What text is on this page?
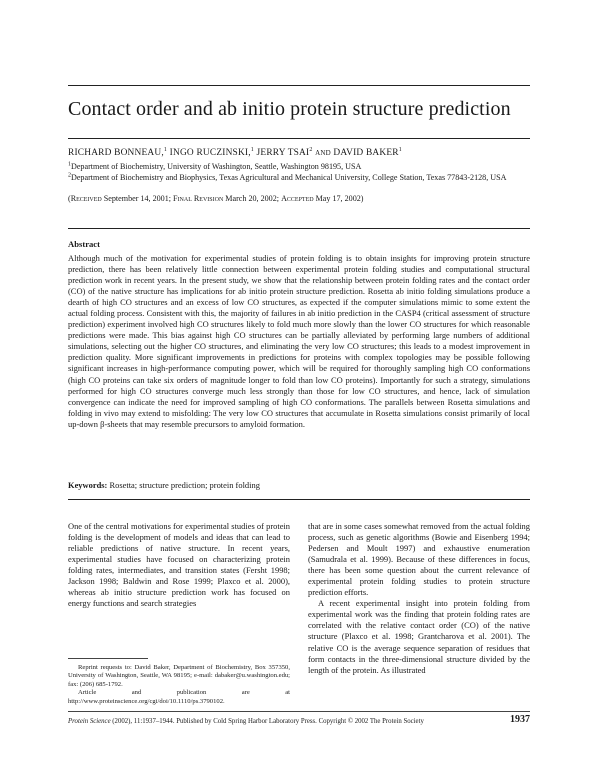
Contact order and ab initio protein structure prediction
RICHARD BONNEAU,$^1$ INGO RUCZINSKI,$^1$ JERRY TSAI$^2$ and DAVID BAKER$^1$
$^1$Department of Biochemistry, University of Washington, Seattle, Washington 98195, USA
$^2$Department of Biochemistry and Biophysics, Texas Agricultural and Mechanical University, College Station, Texas 77843-2128, USA
(Received September 14, 2001; Final Revision March 20, 2002; Accepted May 17, 2002)
Abstract
Although much of the motivation for experimental studies of protein folding is to obtain insights for improving protein structure prediction, there has been relatively little connection between experimental protein folding studies and computational structural prediction work in recent years. In the present study, we show that the relationship between protein folding rates and the contact order (CO) of the native structure has implications for ab initio protein structure prediction. Rosetta ab initio folding simulations produce a dearth of high CO structures and an excess of low CO structures, as expected if the computer simulations mimic to some extent the actual folding process. Consistent with this, the majority of failures in ab initio prediction in the CASP4 (critical assessment of structure prediction) experiment involved high CO structures likely to fold much more slowly than the lower CO structures for which reasonable predictions were made. This bias against high CO structures can be partially alleviated by performing large numbers of additional simulations, selecting out the higher CO structures, and eliminating the very low CO structures; this leads to a modest improvement in prediction quality. More significant improvements in predictions for proteins with complex topologies may be possible following significant increases in high-performance computing power, which will be required for thoroughly sampling high CO conformations (high CO proteins can take six orders of magnitude longer to fold than low CO proteins). Importantly for such a strategy, simulations performed for high CO structures converge much less strongly than those for low CO structures, and hence, lack of simulation convergence can indicate the need for improved sampling of high CO conformations. The parallels between Rosetta simulations and folding in vivo may extend to misfolding: The very low CO structures that accumulate in Rosetta simulations consist primarily of local up-down β-sheets that may resemble precursors to amyloid formation.
Keywords: Rosetta; structure prediction; protein folding
One of the central motivations for experimental studies of protein folding is the development of models and ideas that can lead to reliable predictions of native structure. In recent years, experimental studies have focused on characterizing protein folding rates, intermediates, and transition states (Fersht 1998; Jackson 1998; Baldwin and Rose 1999; Plaxco et al. 2000), whereas ab initio structure prediction work has focused on energy functions and search strategies

that are in some cases somewhat removed from the actual folding process, such as genetic algorithms (Bowie and Eisenberg 1994; Pedersen and Moult 1997) and exhaustive enumeration (Samudrala et al. 1999). Because of these differences in focus, there has been some question about the current relevance of experimental protein folding studies to protein structure prediction efforts.

A recent experimental insight into protein folding from experimental work was the finding that protein folding rates are correlated with the relative contact order (CO) of the native structure (Plaxco et al. 1998; Grantcharova et al. 2001). The relative CO is the average sequence separation of residues that form contacts in the three-dimensional structure divided by the length of the protein. As illustrated

Reprint requests to: David Baker, Department of Biochemistry, Box 357350, University of Washington, Seattle, WA 98195; e-mail: dabaker@u.washington.edu; fax: (206) 685-1792.

Article and publication are at http://www.proteinscience.org/cgi/doi/10.1110/ps.3790102.

Protein Science (2002), 11:1937–1944. Published by Cold Spring Harbor Laboratory Press. Copyright © 2002 The Protein Society	1937
